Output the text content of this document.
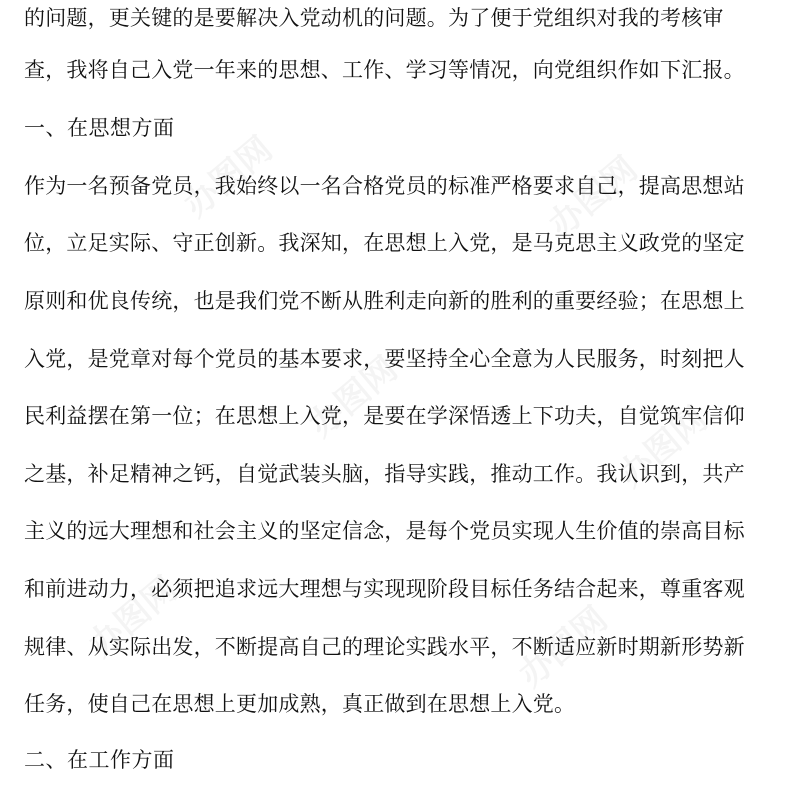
办图网	办图网
办图网
办图网
办图网	办图网
的问题，更关键的是要解决入党动机的问题。为了便于党组织对我的考核审
查，我将自己入党一年来的思想、工作、学习等情况，向党组织作如下汇报。
一、在思想方面
作为一名预备党员，我始终以一名合格党员的标准严格要求自己，提高思想站
位，立足实际、守正创新。我深知，在思想上入党，是马克思主义政党的坚定
原则和优良传统，也是我们党不断从胜利走向新的胜利的重要经验；在思想上
入党，是党章对每个党员的基本要求，要坚持全心全意为人民服务，时刻把人
民利益摆在第一位；在思想上入党，是要在学深悟透上下功夫，自觉筑牢信仰
之基，补足精神之钙，自觉武装头脑，指导实践，推动工作。我认识到，共产
主义的远大理想和社会主义的坚定信念，是每个党员实现人生价值的崇高目标
和前进动力，必须把追求远大理想与实现现阶段目标任务结合起来，尊重客观
规律、从实际出发，不断提高自己的理论实践水平，不断适应新时期新形势新
任务，使自己在思想上更加成熟，真正做到在思想上入党。
二、在工作方面
